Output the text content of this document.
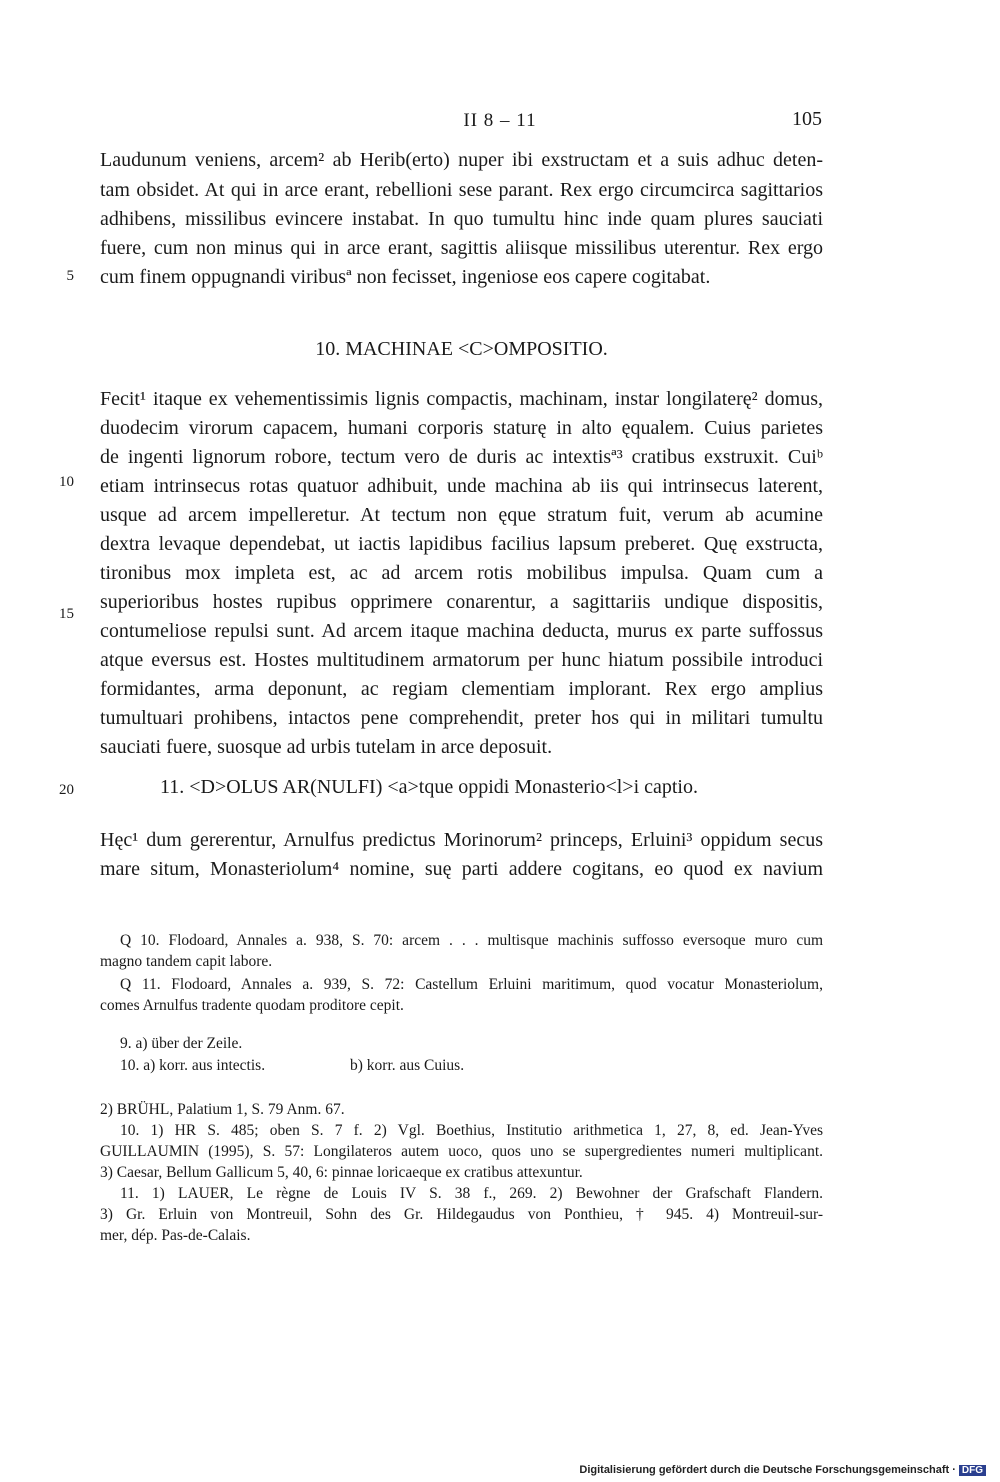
II 8 – 11	105
Laudunum veniens, arcem² ab Herib(erto) nuper ibi exstructam et a suis adhuc deten-
tam obsidet. At qui in arce erant, rebellioni sese parant. Rex ergo circumcirca sagittarios
adhibens, missilibus evincere instabat. In quo tumultu hinc inde quam plures sauciati
fuere, cum non minus qui in arce erant, sagittis aliisque missilibus uterentur. Rex ergo
cum finem oppugnandi viribusª non fecisset, ingeniose eos capere cogitabat.
5
10. MACHINAE <C>OMPOSITIO.
Fecit¹ itaque ex vehementissimis lignis compactis, machinam, instar longilaterę² domus,
duodecim virorum capacem, humani corporis staturę in alto ęqualem. Cuius parietes
de ingenti lignorum robore, tectum vero de duris ac intextisª³ cratibus exstruxit. Cuiᵇ
etiam intrinsecus rotas quatuor adhibuit, unde machina ab iis qui intrinsecus laterent,
usque ad arcem impelleretur. At tectum non ęque stratum fuit, verum ab acumine
dextra levaque dependebat, ut iactis lapidibus facilius lapsum preberet. Quę exstructa,
tironibus mox impleta est, ac ad arcem rotis mobilibus impulsa. Quam cum a
superioribus hostes rupibus opprimere conarentur, a sagittariis undique dispositis,
contumeliose repulsi sunt. Ad arcem itaque machina deducta, murus ex parte suffossus
atque eversus est. Hostes multitudinem armatorum per hunc hiatum possibile introduci
formidantes, arma deponunt, ac regiam clementiam implorant. Rex ergo amplius
tumultuari prohibens, intactos pene comprehendit, preter hos qui in militari tumultu
sauciati fuere, suosque ad urbis tutelam in arce deposuit.
10
15
20	11. <D>OLUS AR(NULFI) <a>tque oppidi Monasterio<l>i captio.
Hęc¹ dum gererentur, Arnulfus predictus Morinorum² princeps, Erluini³ oppidum secus
mare situm, Monasteriolum⁴ nomine, suę parti addere cogitans, eo quod ex navium
Q 10. Flodoard, Annales a. 938, S. 70: arcem . . . multisque machinis suffosso eversoque muro cum
magno tandem capit labore.
Q 11. Flodoard, Annales a. 939, S. 72: Castellum Erluini maritimum, quod vocatur Monasteriolum,
comes Arnulfus tradente quodam proditore cepit.
9. a) über der Zeile.
10. a) korr. aus intectis.	b) korr. aus Cuius.
2) BRÜHL, Palatium 1, S. 79 Anm. 67.
10. 1) HR S. 485; oben S. 7 f. 2) Vgl. Boethius, Institutio arithmetica 1, 27, 8, ed. Jean-Yves
GUILLAUMIN (1995), S. 57: Longilateros autem uoco, quos uno se supergredientes numeri multiplicant.
3) Caesar, Bellum Gallicum 5, 40, 6: pinnae loricaeque ex cratibus attexuntur.
11. 1) LAUER, Le règne de Louis IV S. 38 f., 269. 2) Bewohner der Grafschaft Flandern.
3) Gr. Erluin von Montreuil, Sohn des Gr. Hildegaudus von Ponthieu, † 945. 4) Montreuil-sur-
mer, dép. Pas-de-Calais.
Digitalisierung gefördert durch die Deutsche Forschungsgemeinschaft · DFG
